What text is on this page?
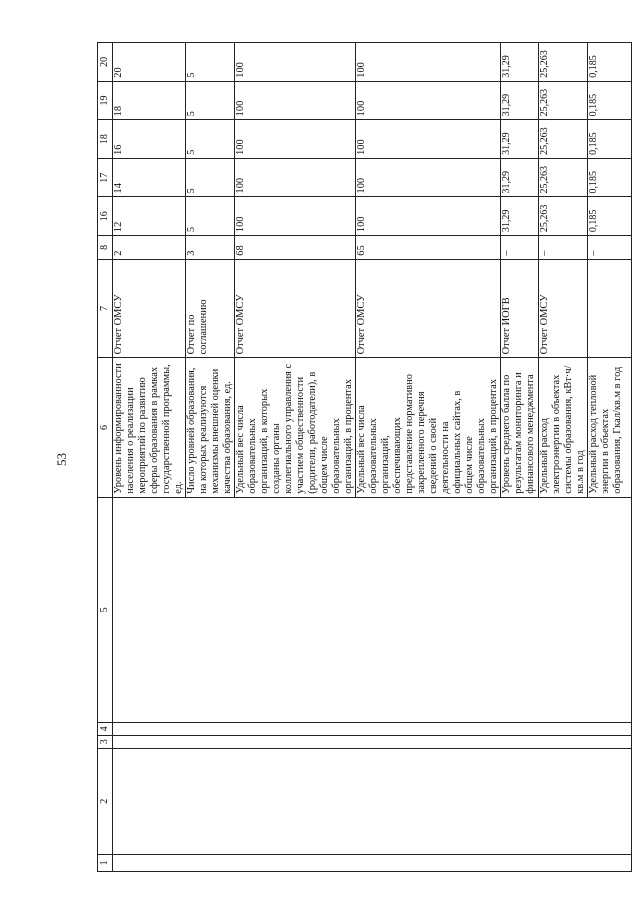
53
1	2	3	4	5	6	7	8	16	17	18	19	20
					Уровень информированности населения о реализации мероприятий по развитию сферы образования в рамках государственной программы, ед.	Отчет ОМСУ	2	12	14	16	18	20
					Число уровней образования, на которых реализуются механизмы внешней оценки качества образования, ед.	Отчет по соглашению	3	5	5	5	5	5
					Удельный вес числа образовательных организаций, в которых созданы органы коллегиального управления с участием общественности (родители, работодатели), в общем числе образовательных организаций, в процентах	Отчет ОМСУ	68	100	100	100	100	100
					Удельный вес числа образовательных организаций, обеспечивающих представление нормативно закрепленного перечня сведений о своей деятельности на официальных сайтах, в общем числе образовательных организаций, в процентах	Отчет ОМСУ	65	100	100	100	100	100
					Уровень среднего балла по результатам мониторинга и финансового менеджмента	Отчет ИОГВ	–	31,29	31,29	31,29	31,29	31,29
					Удельный расход электроэнергии в объектах системы образования, кВт·ч/кв.м в год	Отчет ОМСУ	–	25,263	25,263	25,263	25,263	25,263
					Удельный расход тепловой энергии в объектах образования, Гкал/кв.м в год		–	0,185	0,185	0,185	0,185	0,185
